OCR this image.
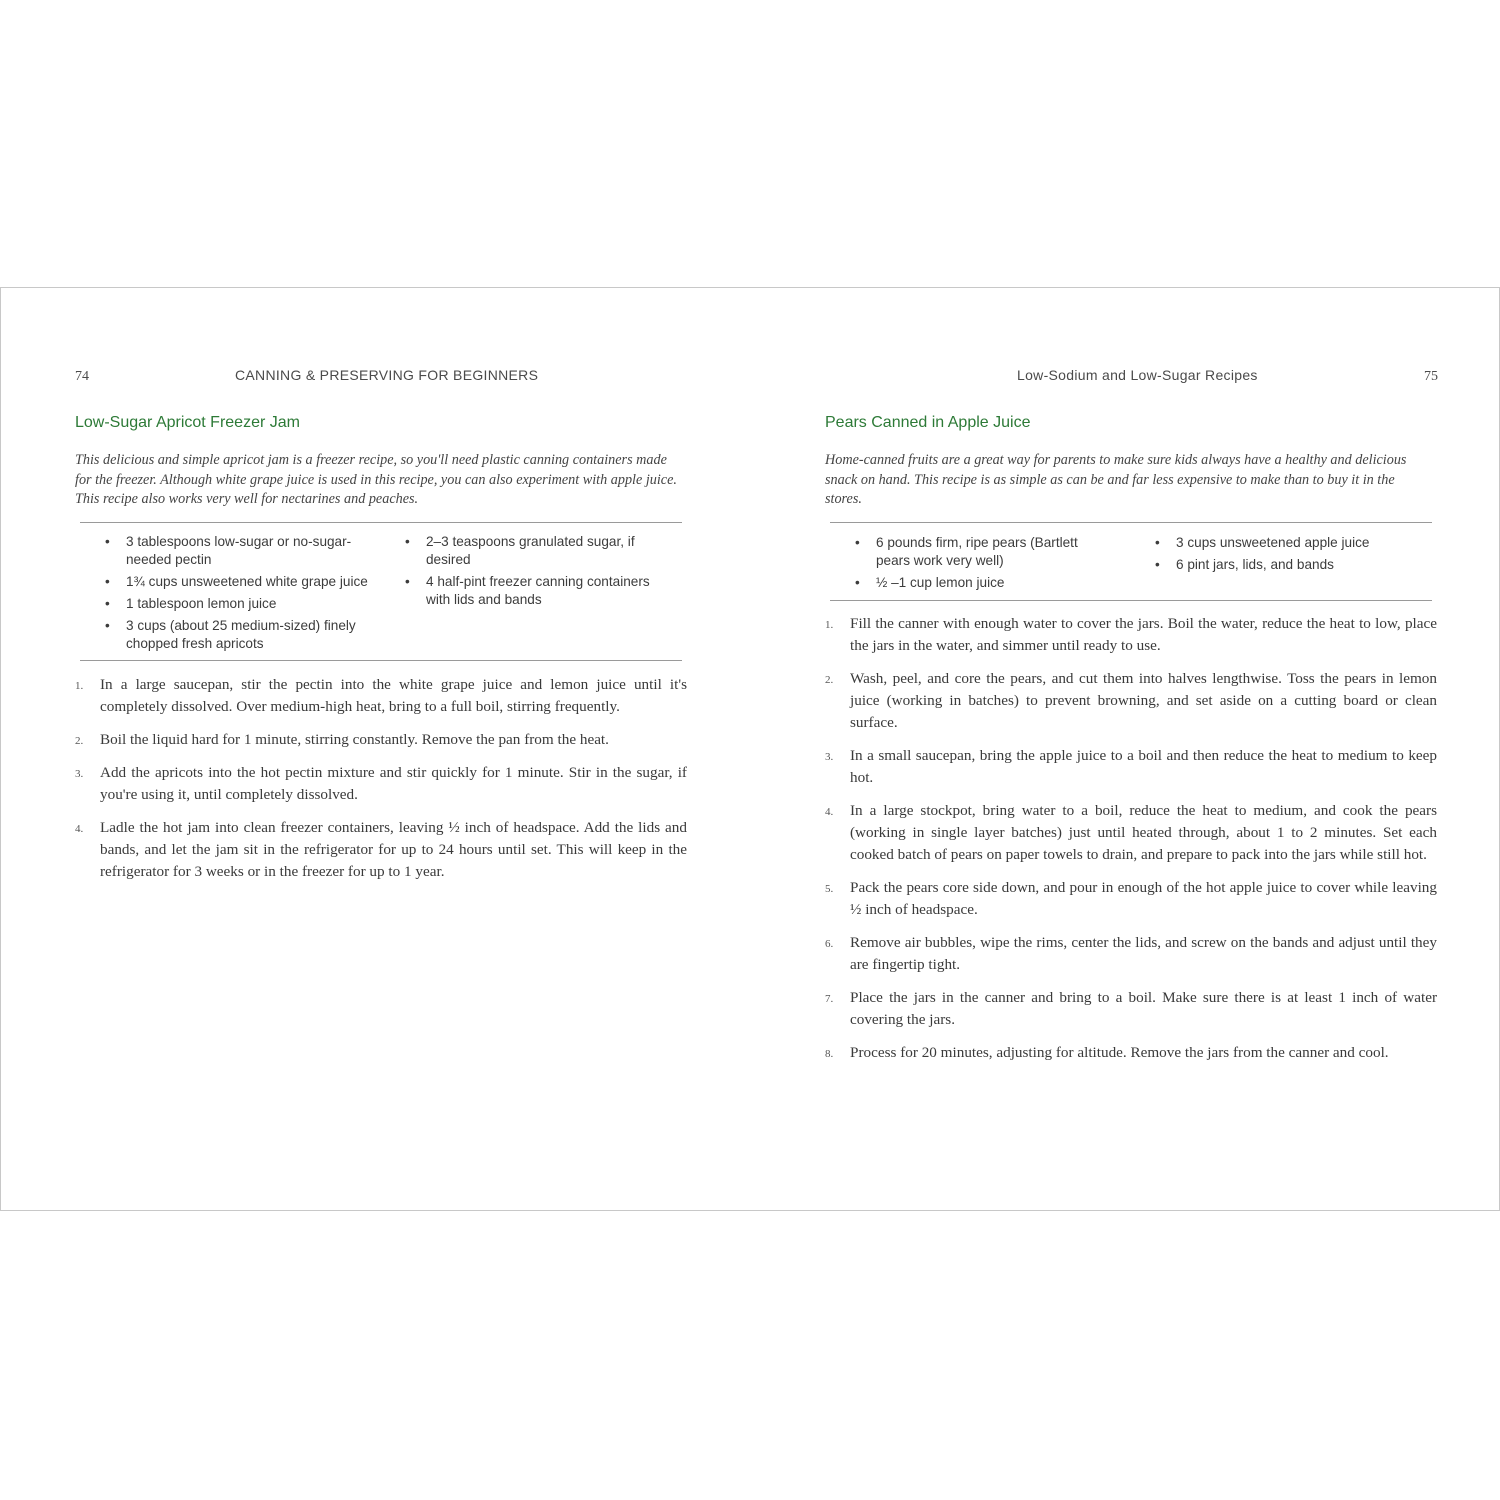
74	CANNING & PRESERVING FOR BEGINNERS
Low-Sugar Apricot Freezer Jam

This delicious and simple apricot jam is a freezer recipe, so you'll need plastic canning containers made for the freezer. Although white grape juice is used in this recipe, you can also experiment with apple juice. This recipe also works very well for nectarines and peaches.

• 3 tablespoons low-sugar or no-sugar-needed pectin
• 1¾ cups unsweetened white grape juice
• 1 tablespoon lemon juice
• 3 cups (about 25 medium-sized) finely chopped fresh apricots
• 2–3 teaspoons granulated sugar, if desired
• 4 half-pint freezer canning containers with lids and bands
1. In a large saucepan, stir the pectin into the white grape juice and lemon juice until it's completely dissolved. Over medium-high heat, bring to a full boil, stirring frequently.
2. Boil the liquid hard for 1 minute, stirring constantly. Remove the pan from the heat.
3. Add the apricots into the hot pectin mixture and stir quickly for 1 minute. Stir in the sugar, if you're using it, until completely dissolved.
4. Ladle the hot jam into clean freezer containers, leaving ½ inch of headspace. Add the lids and bands, and let the jam sit in the refrigerator for up to 24 hours until set. This will keep in the refrigerator for 3 weeks or in the freezer for up to 1 year.
Low-Sodium and Low-Sugar Recipes	75
Pears Canned in Apple Juice

Home-canned fruits are a great way for parents to make sure kids always have a healthy and delicious snack on hand. This recipe is as simple as can be and far less expensive to make than to buy it in the stores.

• 6 pounds firm, ripe pears (Bartlett pears work very well)
• ½ –1 cup lemon juice
• 3 cups unsweetened apple juice
• 6 pint jars, lids, and bands
1. Fill the canner with enough water to cover the jars. Boil the water, reduce the heat to low, place the jars in the water, and simmer until ready to use.
2. Wash, peel, and core the pears, and cut them into halves lengthwise. Toss the pears in lemon juice (working in batches) to prevent browning, and set aside on a cutting board or clean surface.
3. In a small saucepan, bring the apple juice to a boil and then reduce the heat to medium to keep hot.
4. In a large stockpot, bring water to a boil, reduce the heat to medium, and cook the pears (working in single layer batches) just until heated through, about 1 to 2 minutes. Set each cooked batch of pears on paper towels to drain, and prepare to pack into the jars while still hot.
5. Pack the pears core side down, and pour in enough of the hot apple juice to cover while leaving ½ inch of headspace.
6. Remove air bubbles, wipe the rims, center the lids, and screw on the bands and adjust until they are fingertip tight.
7. Place the jars in the canner and bring to a boil. Make sure there is at least 1 inch of water covering the jars.
8. Process for 20 minutes, adjusting for altitude. Remove the jars from the canner and cool.
